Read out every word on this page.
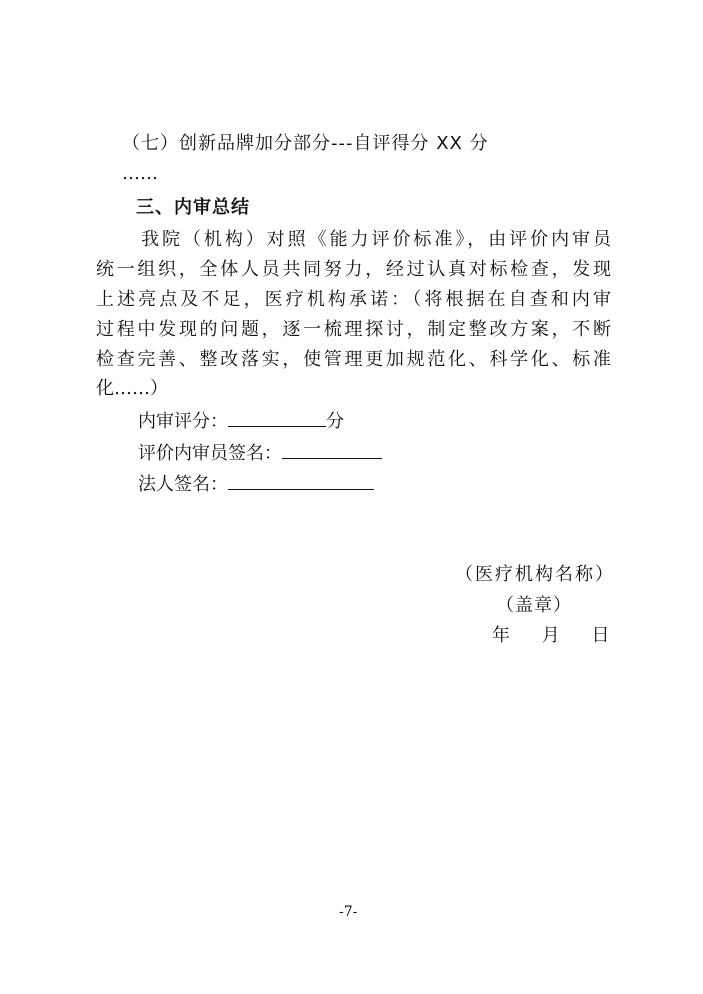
（七）创新品牌加分部分---自评得分 XX 分
……
三、内审总结
我院（机构）对照《能力评价标准》，由评价内审员
统一组织，全体人员共同努力，经过认真对标检查，发现
上述亮点及不足，医疗机构承诺：（将根据在自查和内审
过程中发现的问题，逐一梳理探讨，制定整改方案，不断
检查完善、整改落实，使管理更加规范化、科学化、标准
化……）
内审评分：	分
评价内审员签名：
法人签名：
（医疗机构名称）
（盖章）
年 月 日
-7-
